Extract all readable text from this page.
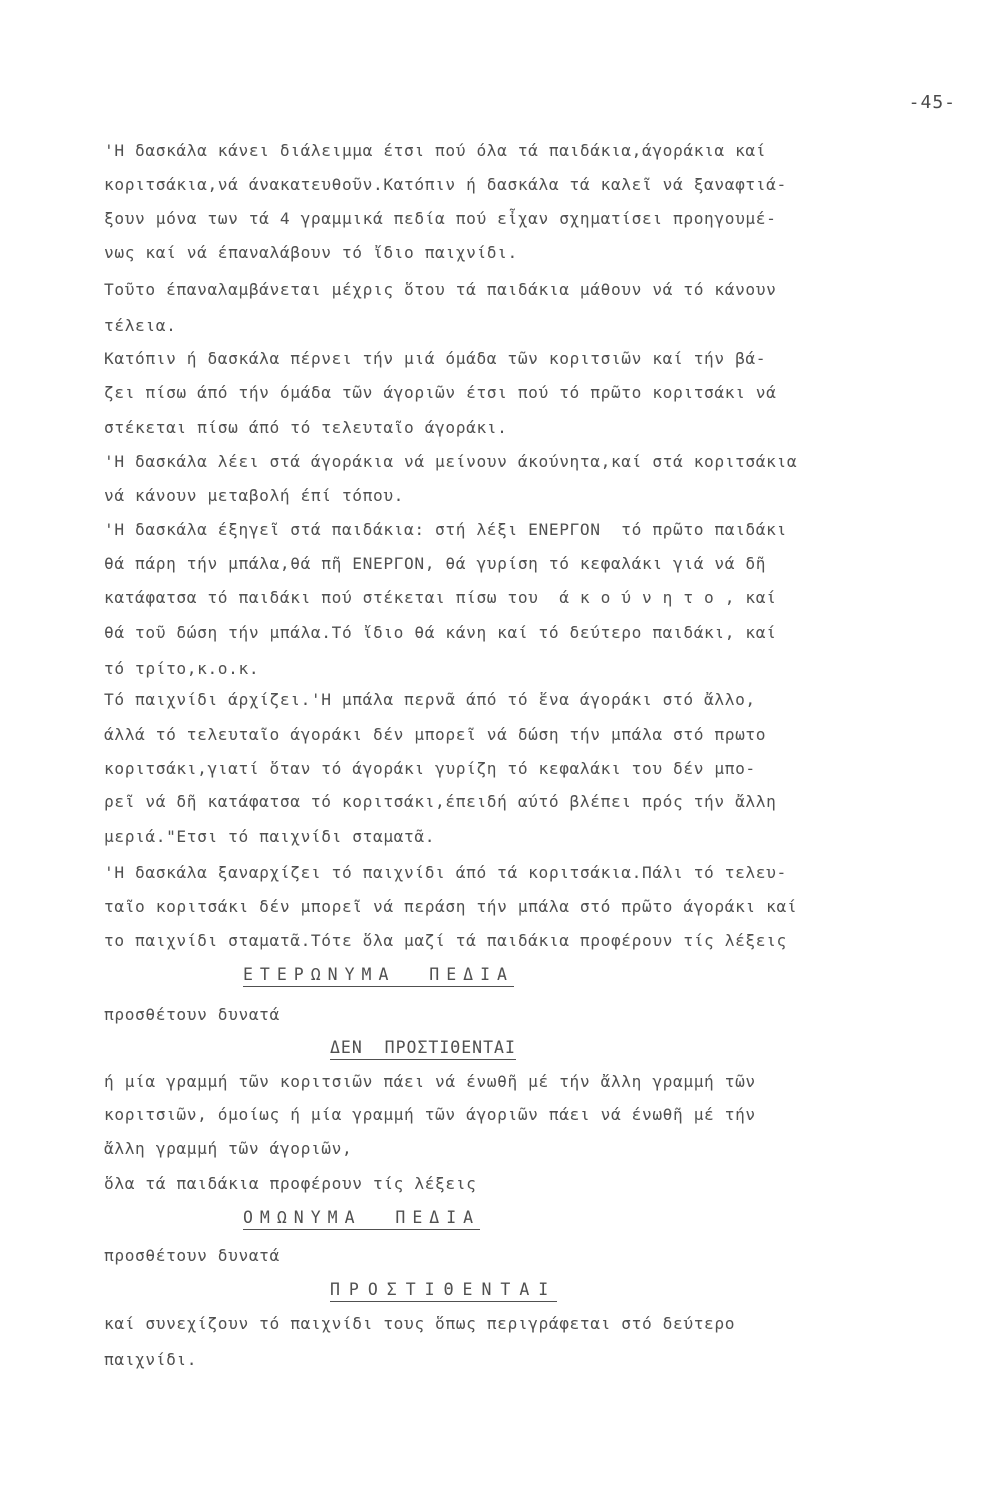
-45-
'Η δασκάλα κάνει διάλειμμα έτσι πού όλα τά παιδάκια,άγοράκια καί
κοριτσάκια,νά άνακατευθοῦν.Κατόπιν ή δασκάλα τά καλεῖ νά ξαναφτιά-
ξουν μόνα των τά 4 γραμμικά πεδία πού εἶχαν σχηματίσει προηγουμέ-
νως καί νά έπαναλάβουν τό ἴδιο παιχνίδι.
Τοῦτο έπαναλαμβάνεται μέχρις ὅτου τά παιδάκια μάθουν νά τό κάνουν
τέλεια.
Κατόπιν ή δασκάλα πέρνει τήν μιά όμάδα τῶν κοριτσιῶν καί τήν βά-
ζει πίσω άπό τήν όμάδα τῶν άγοριῶν έτσι πού τό πρῶτο κοριτσάκι νά
στέκεται πίσω άπό τό τελευταῖο άγοράκι.
'Η δασκάλα λέει στά άγοράκια νά μείνουν άκούνητα,καί στά κοριτσάκια
νά κάνουν μεταβολή έπί τόπου.
'Η δασκάλα έξηγεῖ στά παιδάκια: στή λέξι ΕΝΕΡΓΟΝ  τό πρῶτο παιδάκι
θά πάρη τήν μπάλα,θά πῆ ΕΝΕΡΓΟΝ, θά γυρίση τό κεφαλάκι γιά νά δῆ
κατάφατσα τό παιδάκι πού στέκεται πίσω του  ά κ ο ύ ν η τ ο , καί
θά τοῦ δώση τήν μπάλα.Τό ἴδιο θά κάνη καί τό δεύτερο παιδάκι, καί
τό τρίτο,κ.ο.κ.
Τό παιχνίδι άρχίζει.'Η μπάλα περνᾶ άπό τό ἕνα άγοράκι στό ἄλλο,
άλλά τό τελευταῖο άγοράκι δέν μπορεῖ νά δώση τήν μπάλα στό πρωτο
κοριτσάκι,γιατί ὅταν τό άγοράκι γυρίζη τό κεφαλάκι του δέν μπο-
ρεῖ νά δῆ κατάφατσα τό κοριτσάκι,έπειδή αύτό βλέπει πρός τήν ἄλλη
μεριά."Ετσι τό παιχνίδι σταματᾶ.
'Η δασκάλα ξαναρχίζει τό παιχνίδι άπό τά κοριτσάκια.Πάλι τό τελευ-
ταῖο κοριτσάκι δέν μπορεῖ νά περάση τήν μπάλα στό πρῶτο άγοράκι καί
το παιχνίδι σταματᾶ.Τότε ὅλα μαζί τά παιδάκια προφέρουν τίς λέξεις
ΕΤΕΡΩΝΥΜΑ  ΠΕΔΙΑ
προσθέτουν δυνατά
ΔΕΝ  ΠΡΟΣΤΙΘΕΝΤΑΙ
ή μία γραμμή τῶν κοριτσιῶν πάει νά ένωθῆ μέ τήν ἄλλη γραμμή τῶν
κοριτσιῶν, όμοίως ή μία γραμμή τῶν άγοριῶν πάει νά ένωθῆ μέ τήν
ἄλλη γραμμή τῶν άγοριῶν,
ὅλα τά παιδάκια προφέρουν τίς λέξεις
ΟΜΩΝΥΜΑ  ΠΕΔΙΑ
προσθέτουν δυνατά
ΠΡΟΣΤΙΘΕΝΤΑΙ
καί συνεχίζουν τό παιχνίδι τους ὅπως περιγράφεται στό δεύτερο
παιχνίδι.
